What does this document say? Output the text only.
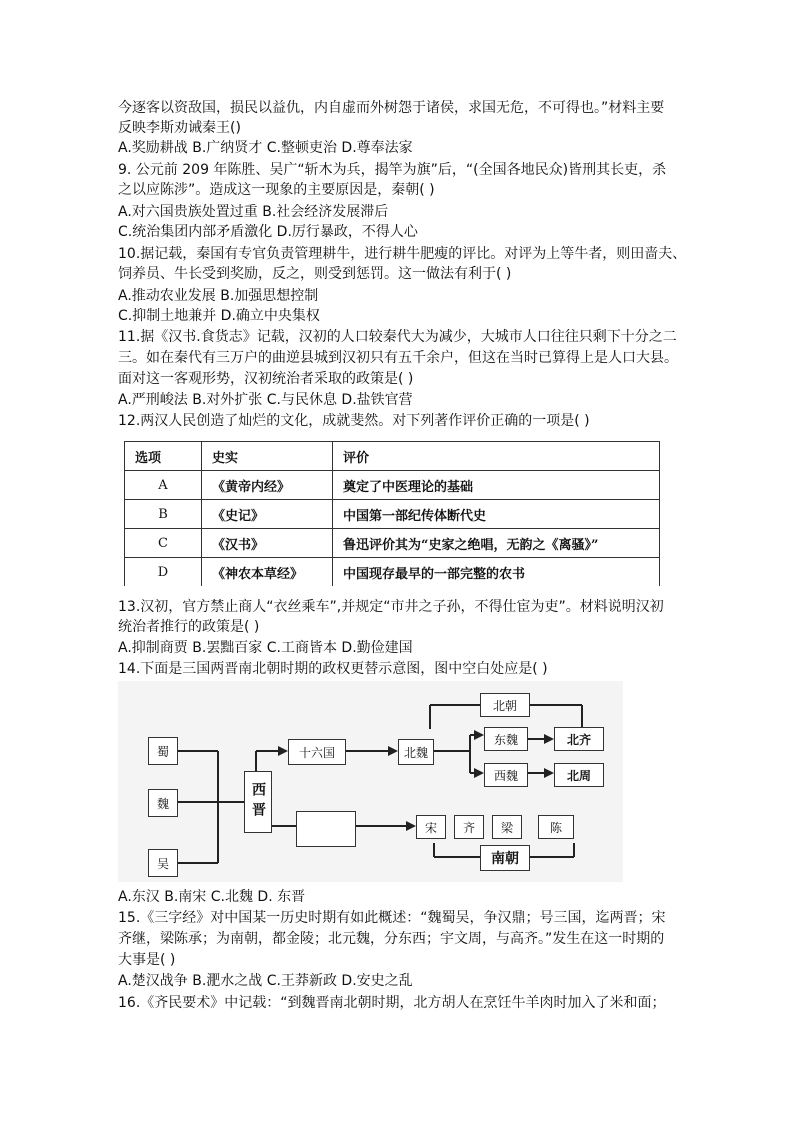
今逐客以资敌国，损民以益仇，内自虚而外树怨于诸侯，求国无危，不可得也。”材料主要
反映李斯劝诫秦王()
A.奖励耕战 B.广纳贤才 C.整顿吏治 D.尊奉法家
9. 公元前 209 年陈胜、吴广“斩木为兵，揭竿为旗”后，“(全国各地民众)皆刑其长吏，杀
之以应陈涉”。造成这一现象的主要原因是，秦朝( )
A.对六国贵族处置过重 B.社会经济发展滞后
C.统治集团内部矛盾激化 D.厉行暴政，不得人心
10.据记载，秦国有专官负责管理耕牛，进行耕牛肥瘦的评比。对评为上等牛者，则田啬夫、
饲养员、牛长受到奖励，反之，则受到惩罚。这一做法有利于( )
A.推动农业发展 B.加强思想控制
C.抑制土地兼并 D.确立中央集权
11.据《汉书.食货志》记载，汉初的人口较秦代大为减少，大城市人口往往只剩下十分之二
三。如在秦代有三万户的曲逆县城到汉初只有五千余户，但这在当时已算得上是人口大县。
面对这一客观形势，汉初统治者采取的政策是( )
A.严刑峻法 B.对外扩张 C.与民休息 D.盐铁官营
12.两汉人民创造了灿烂的文化，成就斐然。对下列著作评价正确的一项是( )
选项	史实	评价
A	《黄帝内经》	奠定了中医理论的基础
B	《史记》	中国第一部纪传体断代史
C	《汉书》	鲁迅评价其为“史家之绝唱，无韵之《离骚》”
D	《神农本草经》	中国现存最早的一部完整的农书
13.汉初，官方禁止商人“衣丝乘车”,并规定“市井之子孙，不得仕宦为吏”。材料说明汉初
统治者推行的政策是( )
A.抑制商贾 B.罢黜百家 C.工商皆本 D.勤俭建国
14.下面是三国两晋南北朝时期的政权更替示意图，图中空白处应是( )
蜀
魏
吴
西晋
十六国	北魏
北朝
东魏
西魏
北齐
北周
宋	齐	梁	陈
南朝
A.东汉 B.南宋 C.北魏 D. 东晋
15.《三字经》对中国某一历史时期有如此概述：“魏蜀吴，争汉鼎；号三国，迄两晋；宋
齐继，梁陈承；为南朝，都金陵；北元魏，分东西；宇文周，与高齐。”发生在这一时期的
大事是( )
A.楚汉战争 B.淝水之战 C.王莽新政 D.安史之乱
16.《齐民要术》中记载：“到魏晋南北朝时期，北方胡人在烹饪牛羊肉时加入了米和面；
